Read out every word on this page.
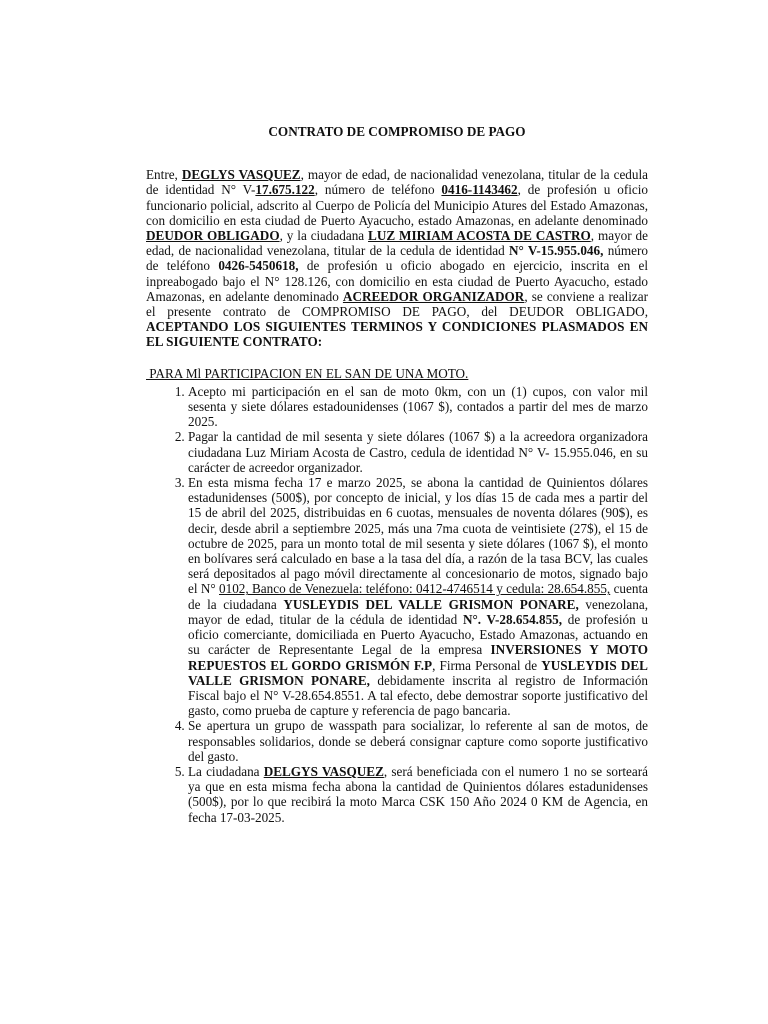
CONTRATO DE COMPROMISO DE PAGO

Entre, DEGLYS VASQUEZ, mayor de edad, de nacionalidad venezolana, titular de la cedula de identidad N° V-17.675.122, número de teléfono 0416-1143462, de profesión u oficio funcionario policial, adscrito al Cuerpo de Policía del Municipio Atures del Estado Amazonas, con domicilio en esta ciudad de Puerto Ayacucho, estado Amazonas, en adelante denominado DEUDOR OBLIGADO, y la ciudadana LUZ MIRIAM ACOSTA DE CASTRO, mayor de edad, de nacionalidad venezolana, titular de la cedula de identidad N° V-15.955.046, número de teléfono 0426-5450618, de profesión u oficio abogado en ejercicio, inscrita en el inpreabogado bajo el N° 128.126, con domicilio en esta ciudad de Puerto Ayacucho, estado Amazonas, en adelante denominado ACREEDOR ORGANIZADOR, se conviene a realizar el presente contrato de COMPROMISO DE PAGO, del DEUDOR OBLIGADO, ACEPTANDO LOS SIGUIENTES TERMINOS Y CONDICIONES PLASMADOS EN EL SIGUIENTE CONTRATO:

PARA Ml PARTICIPACION EN EL SAN DE UNA MOTO.

1. Acepto mi participación en el san de moto 0km, con un (1) cupos, con valor mil sesenta y siete dólares estadounidenses (1067 $), contados a partir del mes de marzo 2025.
2. Pagar la cantidad de mil sesenta y siete dólares (1067 $) a la acreedora organizadora ciudadana Luz Miriam Acosta de Castro, cedula de identidad N° V- 15.955.046, en su carácter de acreedor organizador.
3. En esta misma fecha 17 e marzo 2025, se abona la cantidad de Quinientos dólares estadunidenses (500$), por concepto de inicial, y los días 15 de cada mes a partir del 15 de abril del 2025, distribuidas en 6 cuotas, mensuales de noventa dólares (90$), es decir, desde abril a septiembre 2025, más una 7ma cuota de veintisiete (27$), el 15 de octubre de 2025, para un monto total de mil sesenta y siete dólares (1067 $), el monto en bolívares será calculado en base a la tasa del día, a razón de la tasa BCV, las cuales será depositados al pago móvil directamente al concesionario de motos, signado bajo el N° 0102, Banco de Venezuela: teléfono: 0412-4746514 y cedula: 28.654.855, cuenta de la ciudadana YUSLEYDIS DEL VALLE GRISMON PONARE, venezolana, mayor de edad, titular de la cédula de identidad N°. V-28.654.855, de profesión u oficio comerciante, domiciliada en Puerto Ayacucho, Estado Amazonas, actuando en su carácter de Representante Legal de la empresa INVERSIONES Y MOTO REPUESTOS EL GORDO GRISMÓN F.P, Firma Personal de YUSLEYDIS DEL VALLE GRISMON PONARE, debidamente inscrita al registro de Información Fiscal bajo el N° V-28.654.8551. A tal efecto, debe demostrar soporte justificativo del gasto, como prueba de capture y referencia de pago bancaria.
4. Se apertura un grupo de wasspath para socializar, lo referente al san de motos, de responsables solidarios, donde se deberá consignar capture como soporte justificativo del gasto.
5. La ciudadana DELGYS VASQUEZ, será beneficiada con el numero 1 no se sorteará ya que en esta misma fecha abona la cantidad de Quinientos dólares estadunidenses (500$), por lo que recibirá la moto Marca CSK 150 Año 2024 0 KM de Agencia, en fecha 17-03-2025.
